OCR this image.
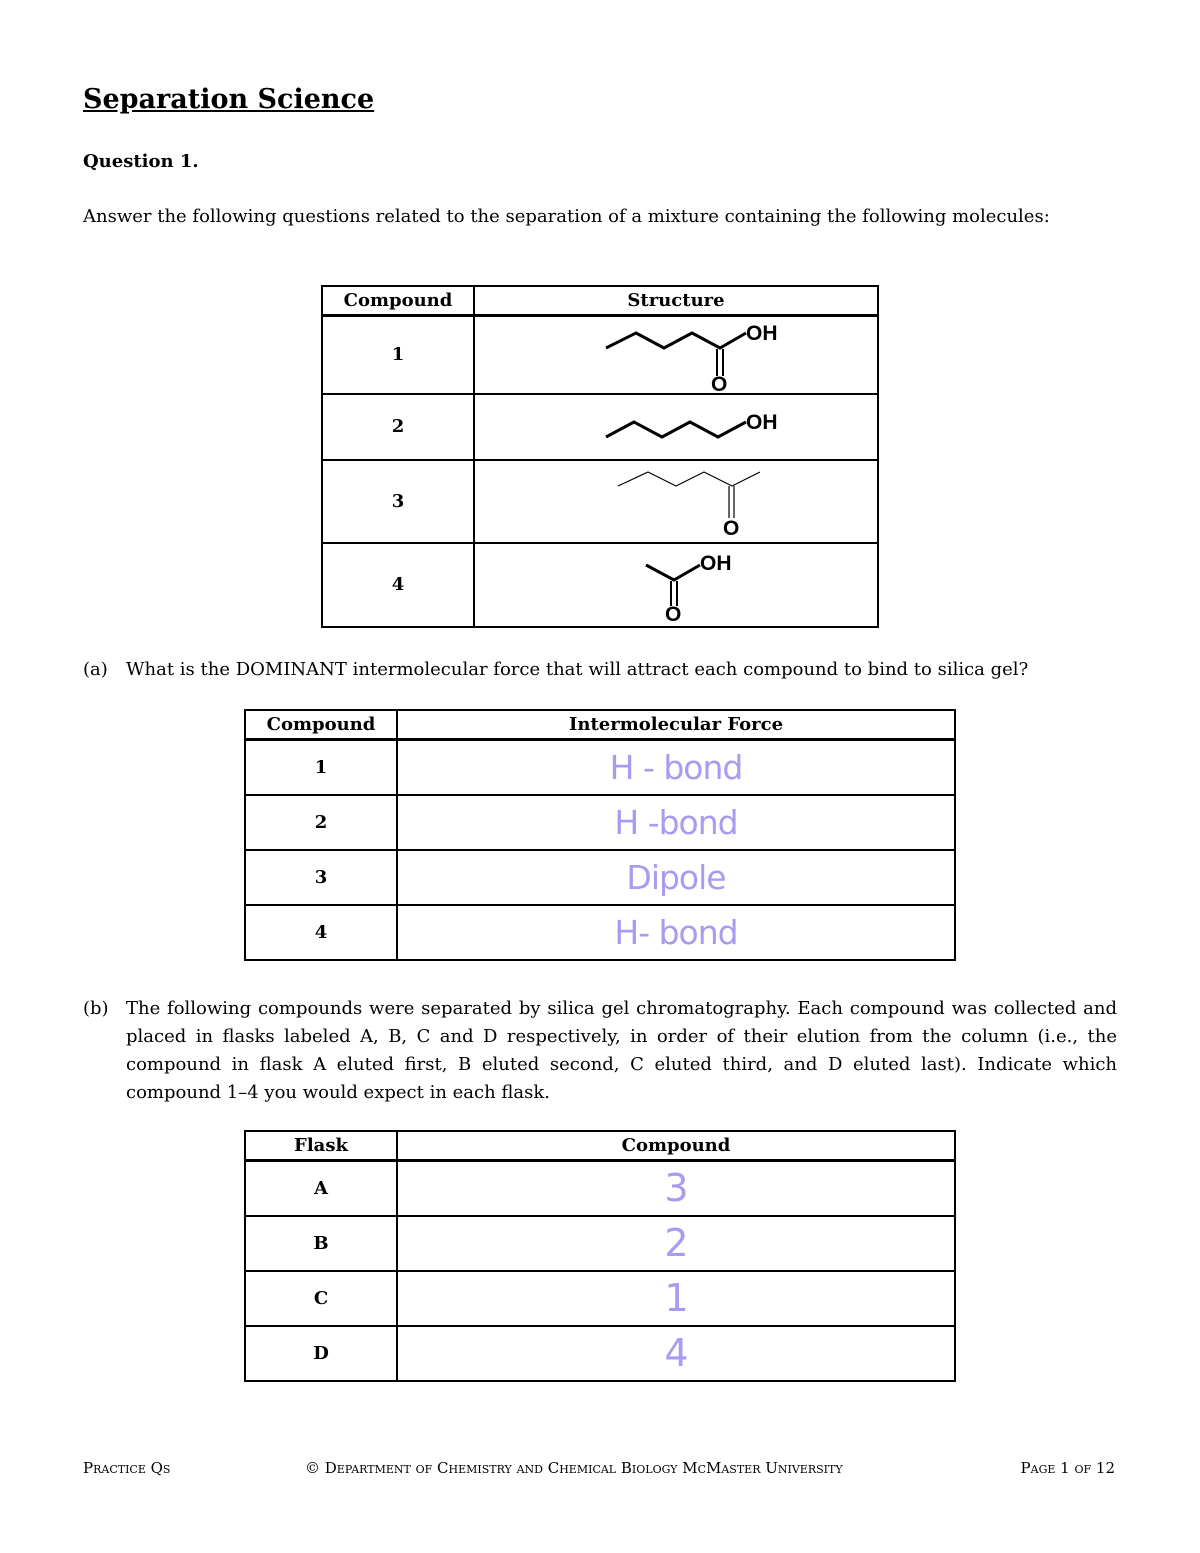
Separation Science
Question 1.
Answer the following questions related to the separation of a mixture containing the following molecules:
Compound	Structure
1	OH
O

2	OH

3	O

4	OH
O
(a) What is the DOMINANT intermolecular force that will attract each compound to bind to silica gel?
Compound	Intermolecular Force
1	H - bond
2	H -bond
3	Dipole
4	H- bond
(b) The following compounds were separated by silica gel chromatography. Each compound was collected and placed in flasks labeled A, B, C and D respectively, in order of their elution from the column (i.e., the compound in flask A eluted first, B eluted second, C eluted third, and D eluted last). Indicate which compound 1–4 you would expect in each flask.
Flask	Compound
A	3
B	2
C	1
D	4
Practice Qs	© Department of Chemistry and Chemical Biology McMaster University	Page 1 of 12
